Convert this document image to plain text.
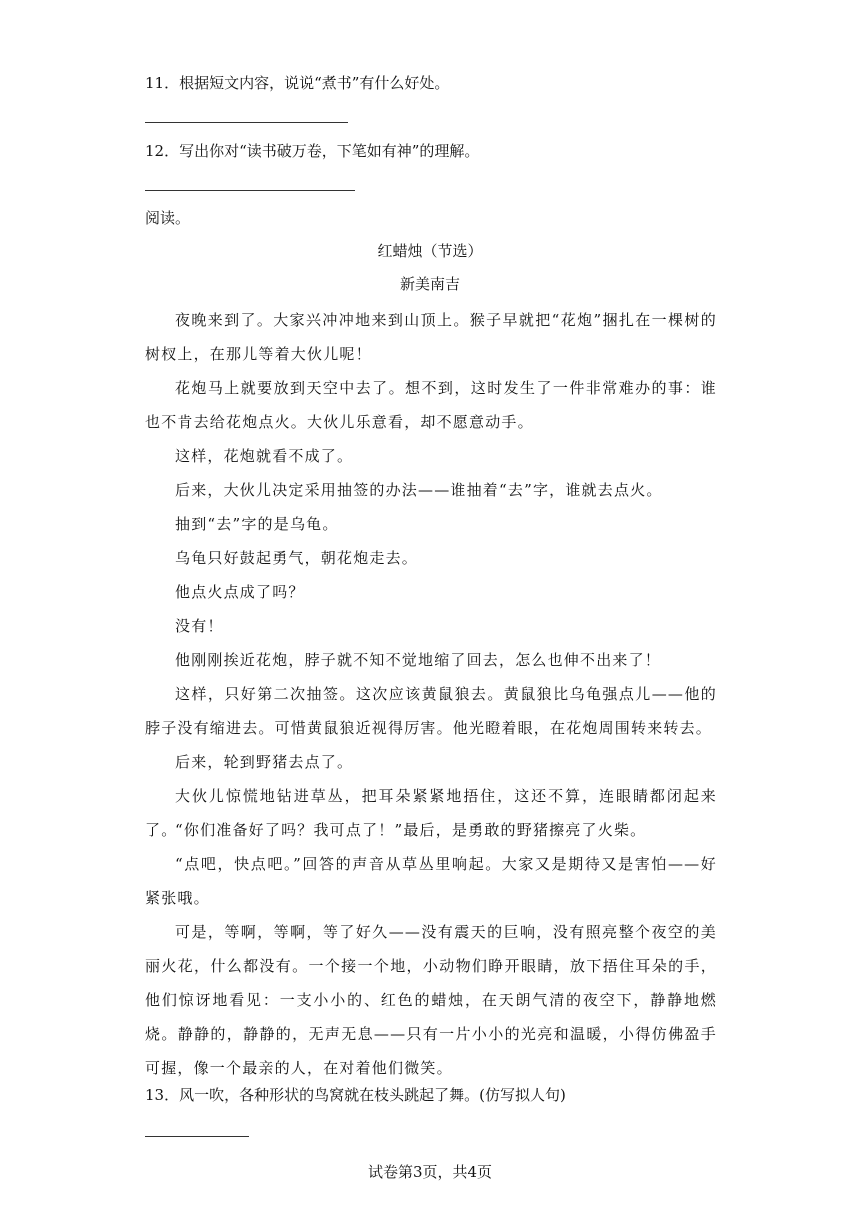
11．根据短文内容，说说“煮书”有什么好处。
12．写出你对“读书破万卷，下笔如有神”的理解。
阅读。
红蜡烛（节选）
新美南吉
夜晚来到了。大家兴冲冲地来到山顶上。猴子早就把“花炮”捆扎在一棵树的树杈上，在那儿等着大伙儿呢！
花炮马上就要放到天空中去了。想不到，这时发生了一件非常难办的事：谁也不肯去给花炮点火。大伙儿乐意看，却不愿意动手。
这样，花炮就看不成了。
后来，大伙儿决定采用抽签的办法——谁抽着“去”字，谁就去点火。
抽到“去”字的是乌龟。
乌龟只好鼓起勇气，朝花炮走去。
他点火点成了吗？
没有！
他刚刚挨近花炮，脖子就不知不觉地缩了回去，怎么也伸不出来了！
这样，只好第二次抽签。这次应该黄鼠狼去。黄鼠狼比乌龟强点儿——他的脖子没有缩进去。可惜黄鼠狼近视得厉害。他光瞪着眼，在花炮周围转来转去。
后来，轮到野猪去点了。
大伙儿惊慌地钻进草丛，把耳朵紧紧地捂住，这还不算，连眼睛都闭起来了。
“你们准备好了吗？我可点了！”最后，是勇敢的野猪擦亮了火柴。
“点吧，快点吧。”回答的声音从草丛里响起。大家又是期待又是害怕——好紧张哦。
可是，等啊，等啊，等了好久——没有震天的巨响，没有照亮整个夜空的美丽火花，什么都没有。一个接一个地，小动物们睁开眼睛，放下捂住耳朵的手，他们惊讶地看见：一支小小的、红色的蜡烛，在天朗气清的夜空下，静静地燃烧。静静的，静静的，无声无息——只有一片小小的光亮和温暖，小得仿佛盈手可握，像一个最亲的人，在对着他们微笑。
13．风一吹，各种形状的鸟窝就在枝头跳起了舞。(仿写拟人句)
试卷第3页，共4页
